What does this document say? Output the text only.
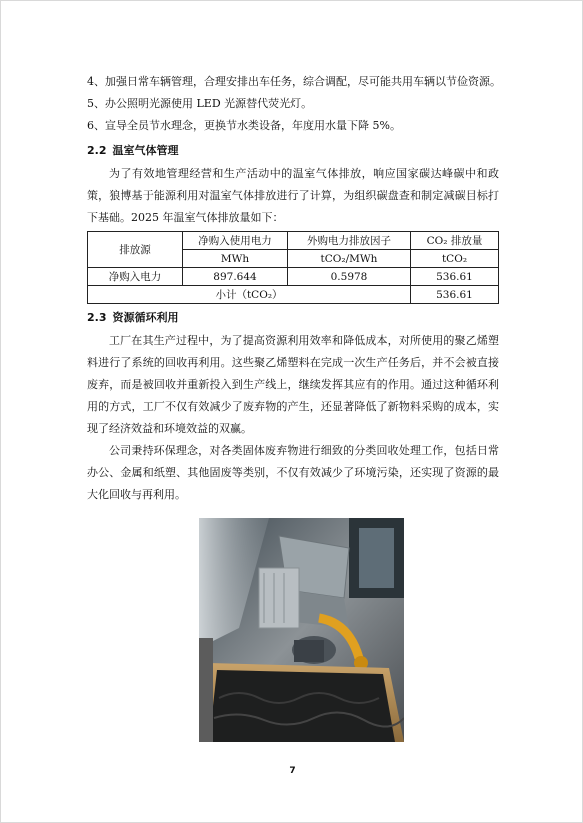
4、加强日常车辆管理，合理安排出车任务，综合调配，尽可能共用车辆以节俭资源。

5、办公照明光源使用 LED 光源替代荧光灯。

6、宣导全员节水理念，更换节水类设备，年度用水量下降 5%。

2.2 温室气体管理

为了有效地管理经营和生产活动中的温室气体排放，响应国家碳达峰碳中和政策，狼博基于能源利用对温室气体排放进行了计算，为组织碳盘查和制定减碳目标打下基础。2025 年温室气体排放量如下：

排放源	净购入使用电力	外购电力排放因子	CO₂ 排放量
	MWh	tCO₂/MWh	tCO₂
净购入电力	897.644	0.5978	536.61
小计（tCO₂）			536.61
2.3 资源循环利用

工厂在其生产过程中，为了提高资源利用效率和降低成本，对所使用的聚乙烯塑料进行了系统的回收再利用。这些聚乙烯塑料在完成一次生产任务后，并不会被直接废弃，而是被回收并重新投入到生产线上，继续发挥其应有的作用。通过这种循环利用的方式，工厂不仅有效减少了废弃物的产生，还显著降低了新物料采购的成本，实现了经济效益和环境效益的双赢。

公司秉持环保理念，对各类固体废弃物进行细致的分类回收处理工作，包括日常办公、金属和纸塑、其他固废等类别，不仅有效减少了环境污染，还实现了资源的最大化回收与再利用。

7
